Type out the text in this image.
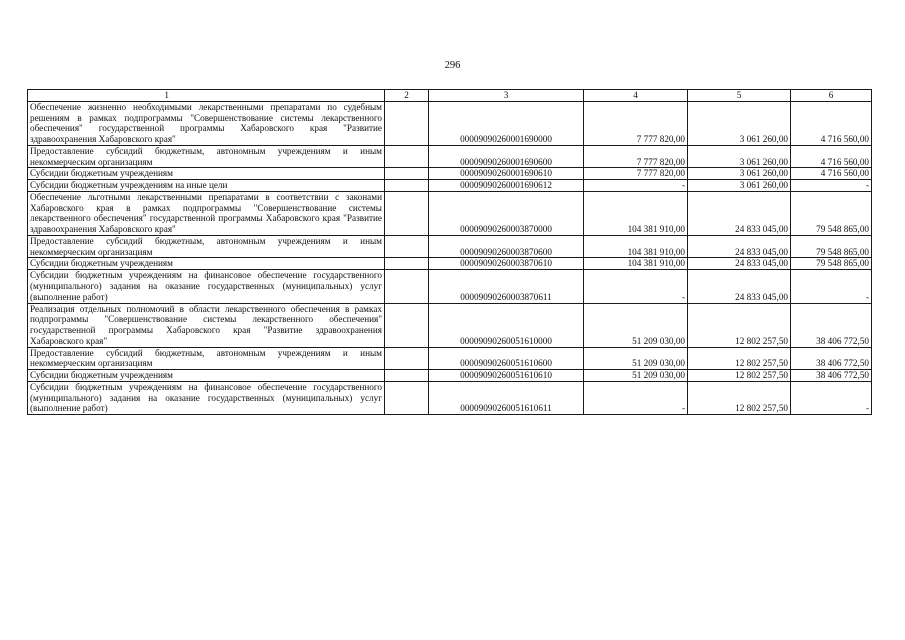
296
1	2	3	4	5	6
Обеспечение жизненно необходимыми лекарственными препаратами по судебным решениям в рамках подпрограммы "Совершенствование системы лекарственного обеспечения" государственной программы Хабаровского края "Развитие здравоохранения Хабаровского края"		00009090260001690000	7 777 820,00	3 061 260,00	4 716 560,00
Предоставление субсидий бюджетным, автономным учреждениям и иным некоммерческим организациям		00009090260001690600	7 777 820,00	3 061 260,00	4 716 560,00
Субсидии бюджетным учреждениям		00009090260001690610	7 777 820,00	3 061 260,00	4 716 560,00
Субсидии бюджетным учреждениям на иные цели		00009090260001690612	-	3 061 260,00	-
Обеспечение льготными лекарственными препаратами в соответствии с законами Хабаровского края в рамках подпрограммы "Совершенствование системы лекарственного обеспечения" государственной программы Хабаровского края "Развитие здравоохранения Хабаровского края"		00009090260003870000	104 381 910,00	24 833 045,00	79 548 865,00
Предоставление субсидий бюджетным, автономным учреждениям и иным некоммерческим организациям		00009090260003870600	104 381 910,00	24 833 045,00	79 548 865,00
Субсидии бюджетным учреждениям		00009090260003870610	104 381 910,00	24 833 045,00	79 548 865,00
Субсидии бюджетным учреждениям на финансовое обеспечение государственного (муниципального) задания на оказание государственных (муниципальных) услуг (выполнение работ)		00009090260003870611	-	24 833 045,00	-
Реализация отдельных полномочий в области лекарственного обеспечения в рамках подпрограммы "Совершенствование системы лекарственного обеспечения" государственной программы Хабаровского края "Развитие здравоохранения Хабаровского края"		00009090260051610000	51 209 030,00	12 802 257,50	38 406 772,50
Предоставление субсидий бюджетным, автономным учреждениям и иным некоммерческим организациям		00009090260051610600	51 209 030,00	12 802 257,50	38 406 772,50
Субсидии бюджетным учреждениям		00009090260051610610	51 209 030,00	12 802 257,50	38 406 772,50
Субсидии бюджетным учреждениям на финансовое обеспечение государственного (муниципального) задания на оказание государственных (муниципальных) услуг (выполнение работ)		00009090260051610611	-	12 802 257,50	-
